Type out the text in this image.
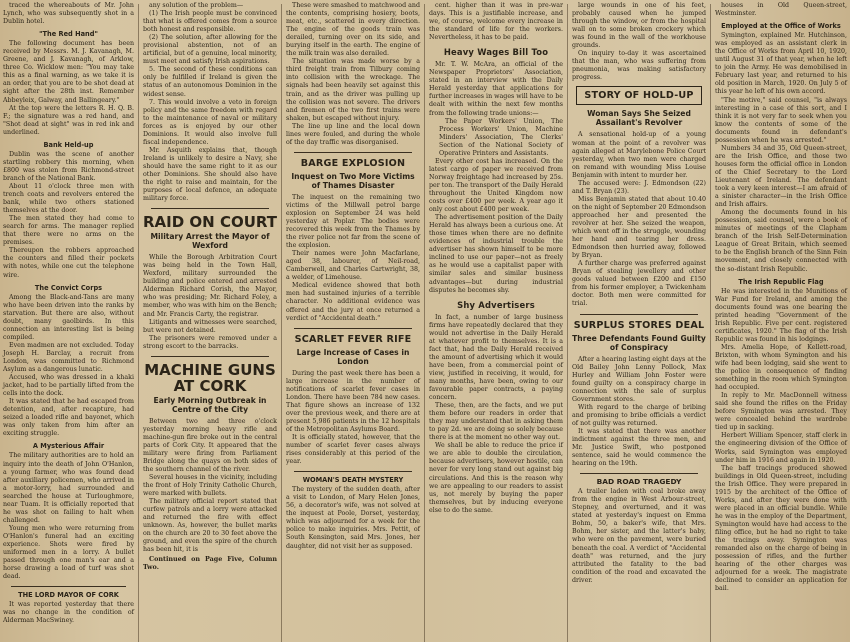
traced the whereabouts of Mr. John Lynch, who was subsequently shot in a Dublin hotel.

"The Red Hand"

The following document has been received by Messrs. M. J. Kavanagh, M. Greene, and J. Kavanagh, of Arklow, three Co. Wicklow men: "You may take this as a final warning, as we take it is an order, that you are to be shot dead at sight after the 28th inst. Remember Abbeyleix, Galway, and Ballingeary."

At the top were the letters R. H. Q. B. F.; the signature was a red hand, and "Shot dead at sight" was in red ink and underlined.

Bank Held-up

Dublin was the scene of another startling robbery this morning, when £800 was stolen from Richmond-street branch of the National Bank.

About 11 o'clock three men with trench coats and revolvers entered the bank, while two others stationed themselves at the door.

The men stated they had come to search for arms. The manager replied that there were no arms on the premises.

Thereupon the robbers approached the counters and filled their pockets with notes, while one cut the telephone wire.

The Convict Corps

Among the Black-and-Tans are many who have been driven into the ranks by starvation. But there are also, without doubt, many gaolbirds. In this connection an interesting list is being compiled.

Even madmen are not excluded. Today Joseph H. Barclay, a recruit from London, was committed to Richmond Asylum as a dangerous lunatic.

Accused, who was dressed in a khaki jacket, had to be partially lifted from the cells into the dock.

It was stated that he had escaped from detention, and, after recapture, had seized a loaded rifle and bayonet, which was only taken from him after an exciting struggle.

A Mysterious Affair

The military authorities are to hold an inquiry into the death of John O'Hanlon, a young farmer, who was found dead after auxiliary policemen, who arrived in a motor-lorry, had surrounded and searched the house at Turloughmore, near Tuam. It is officially reported that he was shot on failing to halt when challenged.

Young men who were returning from O'Hanlon's funeral had an exciting experience. Shots were fired by uniformed men in a lorry. A bullet passed through one man's ear and a horse drawing a load of turf was shot dead.

THE LORD MAYOR OF CORK

It was reported yesterday that there was no change in the condition of Alderman MacSwiney.

any solution of the problem—

(1) The Irish people must be convinced that what is offered comes from a source both honest and responsible.

(2) The solution, after allowing for the provisional abstention, not of an artificial, but of a genuine, local minority, must meet and satisfy Irish aspirations.

5. The second of these conditions can only be fulfilled if Ireland is given the status of an autonomous Dominion in the widest sense.

7. This would involve a veto in foreign policy and the same freedom with regard to the maintenance of naval or military forces as is enjoyed by our other Dominions. It would also involve full fiscal independence.

Mr. Asquith explains that, though Ireland is unlikely to desire a Navy, she should have the same right to it as our other Dominions. She should also have the right to raise and maintain, for the purposes of local defence, an adequate military force.

RAID ON COURT
Military Arrest the Mayor of Wexford

While the Borough Arbitration Court was being held in the Town Hall, Wexford, military surrounded the building and police entered and arrested Alderman Richard Corish, the Mayor, who was presiding; Mr. Richard Foley, a member, who was with him on the Bench; and Mr. Francis Carty, the registrar.

Litigants and witnesses were searched, but were not detained.

The prisoners were removed under a strong escort to the barracks.

MACHINE GUNS AT CORK
Early Morning Outbreak in Centre of the City

Between two and three o'clock yesterday morning heavy rifle and machine-gun fire broke out in the central parts of Cork City. It appeared that the military were firing from Parliament Bridge along the quays on both sides of the southern channel of the river.

Several houses in the vicinity, including the front of Holy Trinity Catholic Church, were marked with bullets.

The military official report stated that curfew patrols and a lorry were attacked and returned the fire with effect unknown. As, however, the bullet marks on the church are 20 to 30 feet above the ground, and even the spire of the church has been hit, it is

Continued on Page Five, Column Two.

These were smashed to matchwood and the contents, comprising hosiery, boots, meat, etc., scattered in every direction. The engine of the goods train was derailed, turning over on its side, and burying itself in the earth. The engine of the milk train was also derailed.

The situation was made worse by a third freight train from Tilbury coming into collision with the wreckage. The signals had been heavily set against this train, and as the driver was pulling up the collision was not severe. The drivers and firemen of the two first trains were shaken, but escaped without injury.

The line up line and the local down lines were fouled, and during the whole of the day traffic was disorganised.

BARGE EXPLOSION
Inquest on Two More Victims of Thames Disaster

The inquest on the remaining two victims of the Millwall petrol barge explosion on September 24 was held yesterday at Poplar. The bodies were recovered this week from the Thames by the river police not far from the scene of the explosion.

Their names were John Macfarlane, aged 38, labourer, of Neil-road, Camberwell, and Charles Cartwright, 38, a welder, of Limehouse.

Medical evidence showed that both men had sustained injuries of a terrible character. No additional evidence was offered and the jury at once returned a verdict of "Accidental death."

SCARLET FEVER RIFE
Large Increase of Cases in London

During the past week there has been a large increase in the number of notifications of scarlet fever cases in London. There have been 784 new cases. That figure shows an increase of 132 over the previous week, and there are at present 5,986 patients in the 12 hospitals of the Metropolitan Asylums Board.

It is officially stated, however, that the number of scarlet fever cases always rises considerably at this period of the year.

WOMAN'S DEATH MYSTERY

The mystery of the sudden death, after a visit to London, of Mary Helen Jones, 56, a decorator's wife, was not solved at the inquest at Poole, Dorset, yesterday, which was adjourned for a week for the police to make inquiries. Mrs. Pettit, of South Kensington, said Mrs. Jones, her daughter, did not visit her as supposed.

cent. higher than it was in pre-war days. This is a justifiable increase, and we, of course, welcome every increase in the standard of life for the workers. Nevertheless, it has to be paid.

Heavy Wages Bill Too

Mr. T. W. McAra, an official of the Newspaper Proprietors' Association, stated in an interview with the Daily Herald yesterday that applications for further increases in wages will have to be dealt with within the next few months from the following trade unions:—

The Paper Workers' Union, The Process Workers' Union, Machine Minders' Association, The Clerks' Section of the National Society of Operative Printers and Assistants.

Every other cost has increased. On the latest cargo of paper we received from Norway freightage had increased by 25s. per ton. The transport of the Daily Herald throughout the United Kingdom now costs over £400 per week. A year ago it only cost about £400 per week.

The advertisement position of the Daily Herald has always been a curious one. At those times when there are no definite evidences of industrial trouble the advertiser has shown himself to be more inclined to use our paper—not as freely as he would use a capitalist paper with similar sales and similar business advantages—but during industrial disputes he becomes shy.

Shy Advertisers

In fact, a number of large business firms have repeatedly declared that they would not advertise in the Daily Herald at whatever profit to themselves. It is a fact that, had the Daily Herald received the amount of advertising which it would have been, from a commercial point of view, justified in receiving, it would, for many months, have been, owing to our favourable paper contracts, a paying concern.

These, then, are the facts, and we put them before our readers in order that they may understand that in asking them to pay 2d. we are doing so solely because there is at the moment no other way out.

We shall be able to reduce the price if we are able to double the circulation, because advertisers, however hostile, can never for very long stand out against big circulations. And this is the reason why we are appealing to our readers to assist us, not merely by buying the paper themselves, but by inducing everyone else to do the same.

large wounds in one of his feet, probably caused when he jumped through the window, or from the hospital wall on to some broken crockery which was found in the wall of the workhouse grounds.

On inquiry to-day it was ascertained that the man, who was suffering from pneumonia, was making satisfactory progress.

STORY OF HOLD-UP
Woman Says She Seized Assailant's Revolver

A sensational hold-up of a young woman at the point of a revolver was again alleged at Marylebone Police Court yesterday, when two men were charged on remand with wounding Miss Louise Benjamin with intent to murder her.

The accused were: J. Edmondson (22) and T. Bryan (23).

Miss Benjamin stated that about 10.40 on the night of September 20 Edmondson approached her and presented the revolver at her. She seized the weapon, which went off in the struggle, wounding her hand and tearing her dress. Edmondson then hurried away, followed by Bryan.

A further charge was preferred against Bryan of stealing jewellery and other goods valued between £200 and £150 from his former employer, a Twickenham doctor. Both men were committed for trial.

SURPLUS STORES DEAL
Three Defendants Found Guilty of Conspiracy

After a hearing lasting eight days at the Old Bailey John Lenny Pollock, Max Hurley and William John Foster were found guilty on a conspiracy charge in connection with the sale of surplus Government stores.

With regard to the charge of bribing and promising to bribe officials a verdict of not guilty was returned.

It was stated that there was another indictment against the three men, and Mr. Justice Swift, who postponed sentence, said he would commence the hearing on the 19th.

BAD ROAD TRAGEDY

A trailer laden with coal broke away from the engine in West Arbour-street, Stepney, and overturned, and it was stated at yesterday's inquest on Emma Bohm, 50, a baker's wife, that Mrs. Bohm, her sister, and the latter's baby, who were on the pavement, were buried beneath the coal. A verdict of "Accidental death" was returned, and the jury attributed the fatality to the bad condition of the road and excavated the driver.

houses in Old Queen-street, Westminster.

Employed at the Office of Works

Symington, explained Mr. Hutchinson, was employed as an assistant clerk in the Office of Works from April 10, 1920, until August 31 of that year, when he left to join the Army. He was demobilised in February last year, and returned to his old position in March, 1920. On July 5 of this year he left of his own accord.

"The motive," said counsel, "is always interesting in a case of this sort, and I think it is not very far to seek when you know the contents of some of the documents found in defendant's possession when he was arrested."

Numbers 34 and 35, Old Queen-street, are the Irish Office, and those two houses form the official office in London of the Chief Secretary to the Lord Lieutenant of Ireland. The defendant took a very keen interest—I am afraid of a sinister character—in the Irish Office and Irish affairs.

Among the documents found in his possession, said counsel, were a book of minutes of meetings of the Clapham branch of the Irish Self-Determination League of Great Britain, which seemed to be the English branch of the Sinn Fein movement, and closely connected with the so-distant Irish Republic.

The Irish Republic Flag

He was interested in the Munitions of War Fund for Ireland, and among the documents found was one bearing the printed heading "Government of the Irish Republic. Five per cent. registered certificates, 1920." The flag of the Irish Republic was found in his lodgings.

Mrs. Amelia Hope, of Kellett-road, Brixton, with whom Symington and his wife had been lodging, said she went to the police in consequence of finding something in the room which Symington had occupied.

In reply to Mr. MacDonnell witness said she found the rifles on the Friday before Symington was arrested. They were concealed behind the wardrobe tied up in sacking.

Herbert William Spencer, staff clerk in the engineering division of the Office of Works, said Symington was employed under him in 1916 and again in 1920.

The baff tracings produced showed buildings in Old Queen-street, including the Irish Office. They were prepared in 1915 by the architect of the Office of Works, and after they were done with were placed in an official bundle. While he was in the employ of the Department, Symington would have had access to the filing office, but he had no right to take the tracings away. Symington was remanded also on the charge of being in possession of rifles, and the further hearing of the other charges was adjourned for a week. The magistrate declined to consider an application for bail.
